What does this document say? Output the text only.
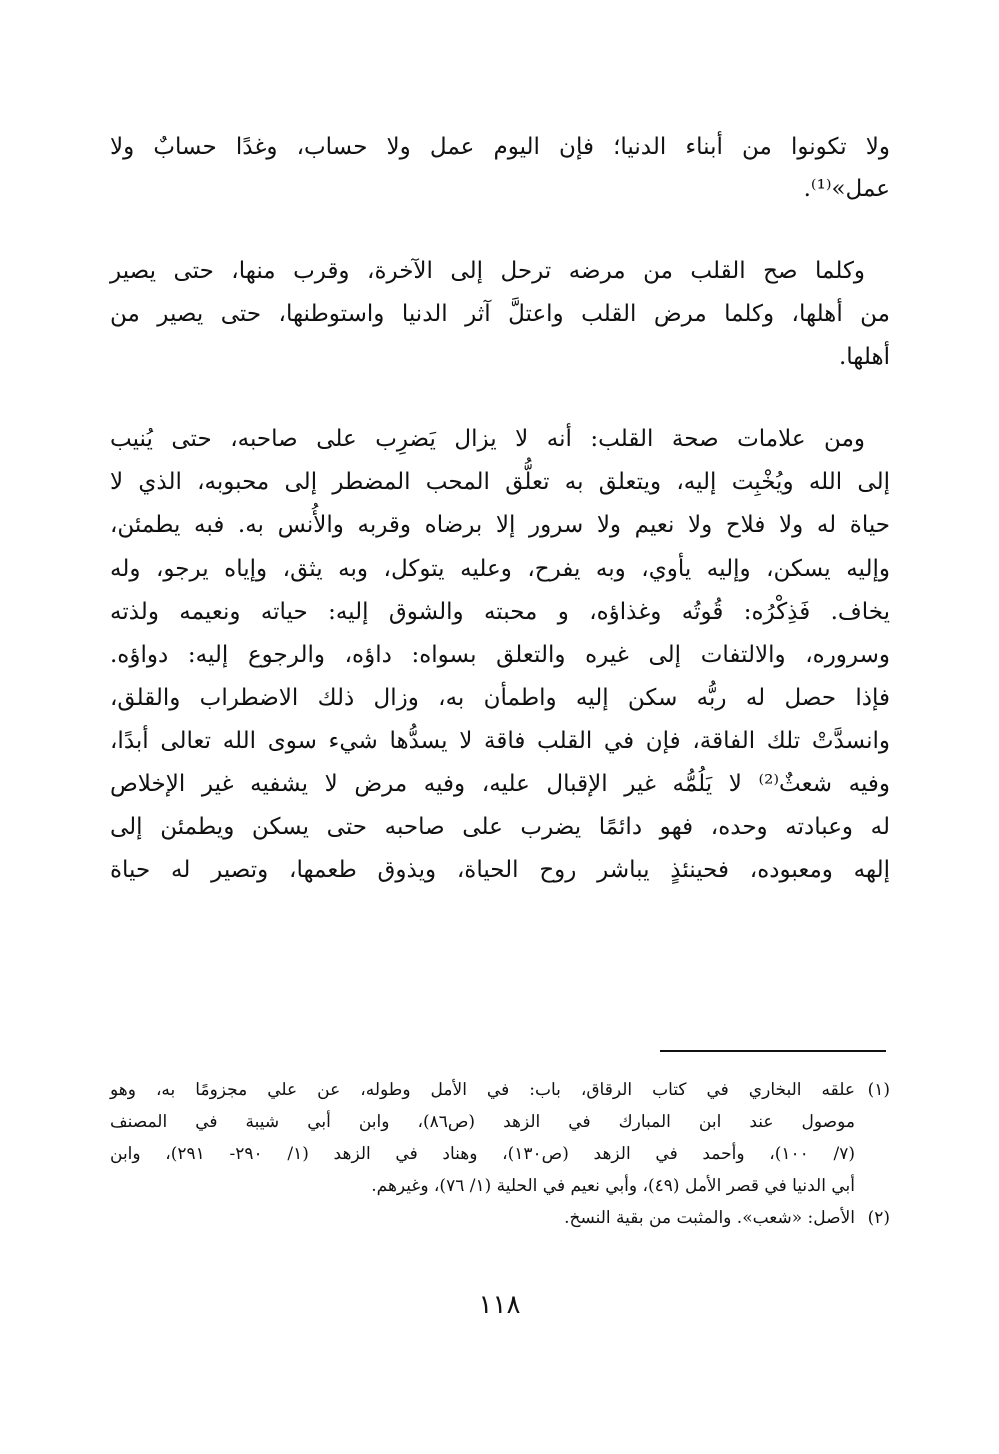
ولا تكونوا من أبناء الدنيا؛ فإن اليوم عمل ولا حساب، وغدًا حسابٌ ولا
عمل»⁽¹⁾.
وكلما صح القلب من مرضه ترحل إلى الآخرة، وقرب منها، حتى يصير
من أهلها، وكلما مرض القلب واعتلَّ آثر الدنيا واستوطنها، حتى يصير من
أهلها.
ومن علامات صحة القلب: أنه لا يزال يَضرِب على صاحبه، حتى يُنيب
إلى الله ويُخْبِت إليه، ويتعلق به تعلُّق المحب المضطر إلى محبوبه، الذي لا
حياة له ولا فلاح ولا نعيم ولا سرور إلا برضاه وقربه والأُنس به. فبه يطمئن،
وإليه يسكن، وإليه يأوي، وبه يفرح، وعليه يتوكل، وبه يثق، وإياه يرجو، وله
يخاف. فَذِكْرُه: قُوتُه وغذاؤه، و محبته والشوق إليه: حياته ونعيمه ولذته
وسروره، والالتفات إلى غيره والتعلق بسواه: داؤه، والرجوع إليه: دواؤه.
فإذا حصل له ربُّه سكن إليه واطمأن به، وزال ذلك الاضطراب والقلق،
وانسدَّتْ تلك الفاقة، فإن في القلب فاقة لا يسدُّها شيء سوى الله تعالى أبدًا،
وفيه شعثٌ⁽²⁾ لا يَلُمُّه غير الإقبال عليه، وفيه مرض لا يشفيه غير الإخلاص
له وعبادته وحده، فهو دائمًا يضرب على صاحبه حتى يسكن ويطمئن إلى
إلهه ومعبوده، فحينئذٍ يباشر روح الحياة، ويذوق طعمها، وتصير له حياة
(١)
علقه البخاري في كتاب الرقاق، باب: في الأمل وطوله، عن علي مجزومًا به، وهو
موصول عند ابن المبارك في الزهد (ص٨٦)، وابن أبي شيبة في المصنف
(٧/ ١٠٠)، وأحمد في الزهد (ص١٣٠)، وهناد في الزهد (١/ ٢٩٠- ٢٩١)، وابن
أبي الدنيا في قصر الأمل (٤٩)، وأبي نعيم في الحلية (١/ ٧٦)، وغيرهم.
(٢)
الأصل: «شعب». والمثبت من بقية النسخ.
١١٨
